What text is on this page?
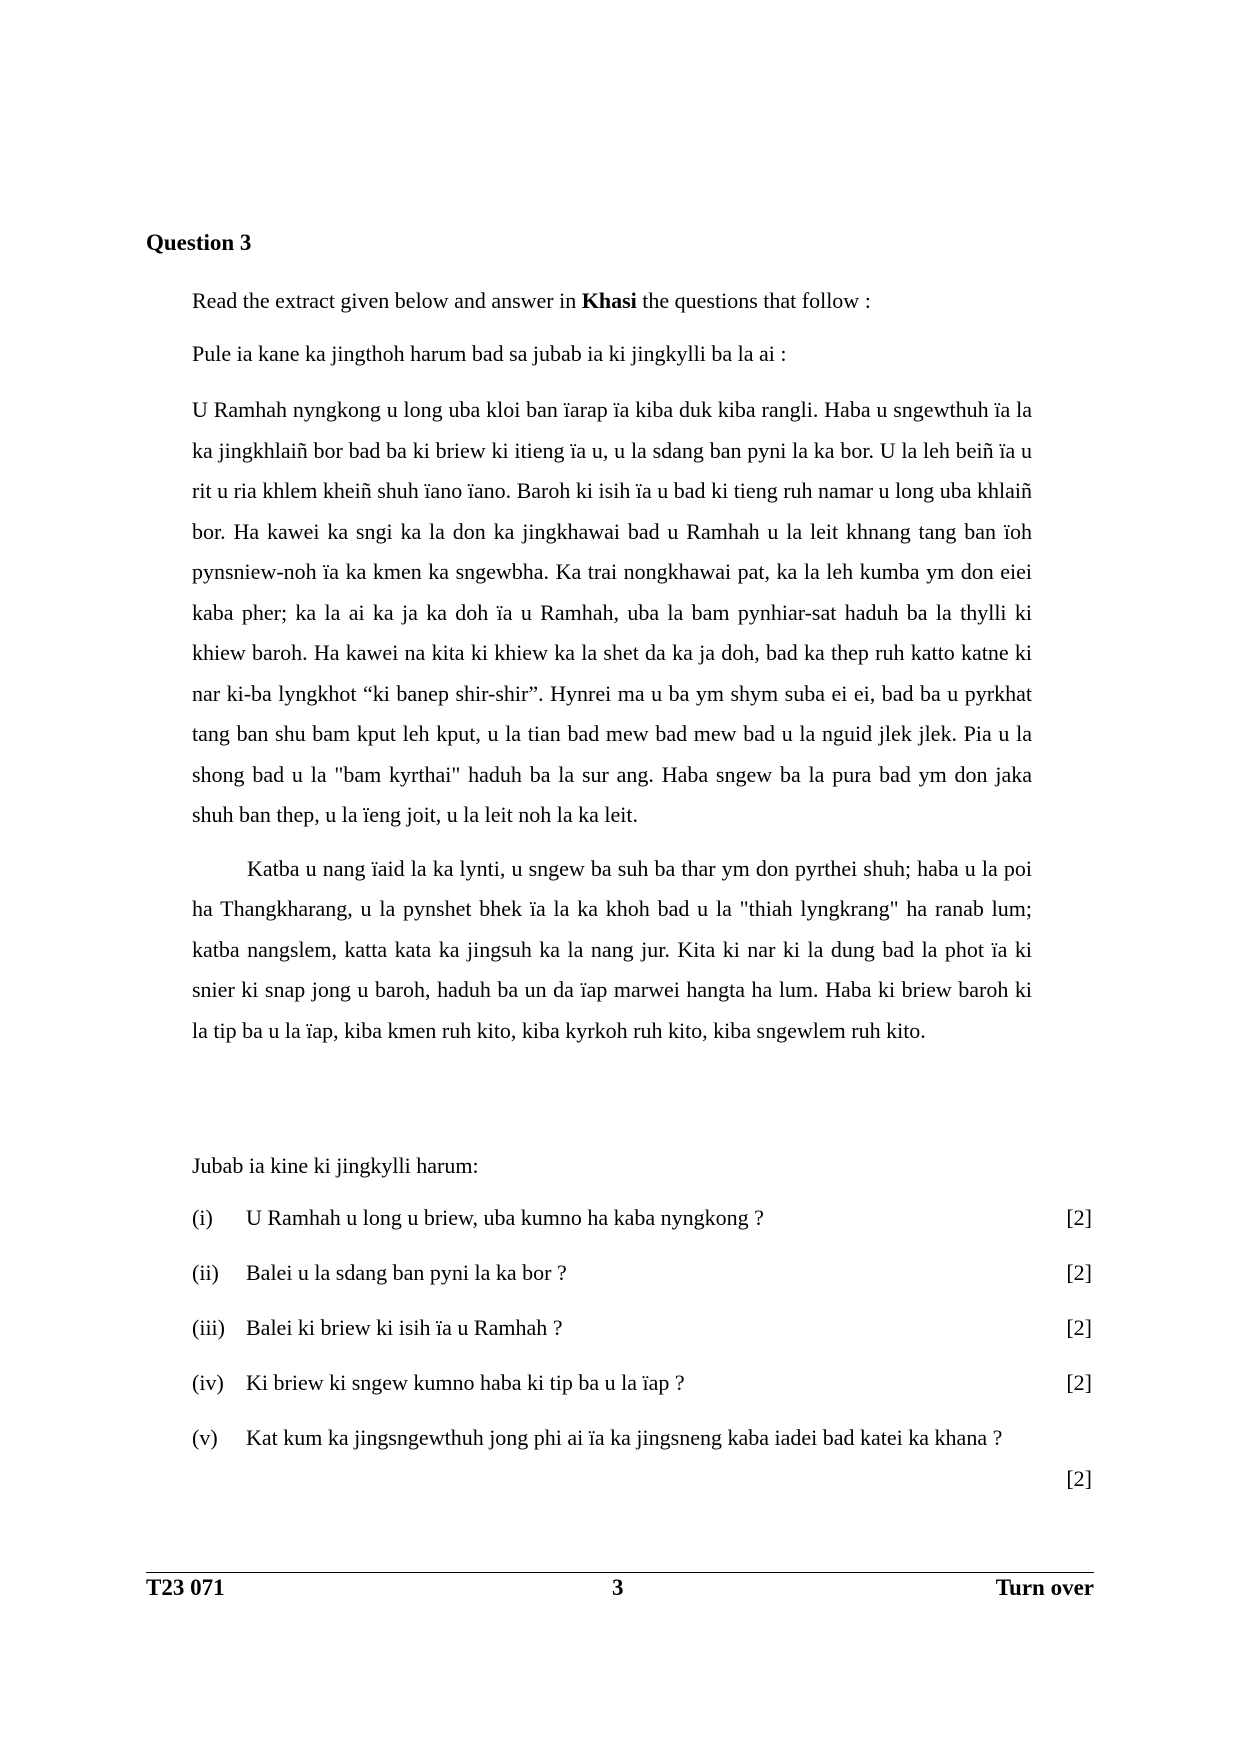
Question 3
Read the extract given below and answer in Khasi the questions that follow :
Pule ia kane ka jingthoh harum bad sa jubab ia ki jingkylli ba la ai :

U Ramhah nyngkong u long uba kloi ban ïarap ïa kiba duk kiba rangli. Haba u sngewthuh ïa la ka jingkhlaiñ bor bad ba ki briew ki itieng ïa u, u la sdang ban pyni la ka bor. U la leh beiñ ïa u rit u ria khlem kheiñ shuh ïano ïano. Baroh ki isih ïa u bad ki tieng ruh namar u long uba khlaiñ bor. Ha kawei ka sngi ka la don ka jingkhawai bad u Ramhah u la leit khnang tang ban ïoh pynsniew-noh ïa ka kmen ka sngewbha. Ka trai nongkhawai pat, ka la leh kumba ym don eiei kaba pher; ka la ai ka ja ka doh ïa u Ramhah, uba la bam pynhiar-sat haduh ba la thylli ki khiew baroh. Ha kawei na kita ki khiew ka la shet da ka ja doh, bad ka thep ruh katto katne ki nar ki-ba lyngkhot “ki banep shir-shir”. Hynrei ma u ba ym shym suba ei ei, bad ba u pyrkhat tang ban shu bam kput leh kput, u la tian bad mew bad mew bad u la nguid jlek jlek. Pia u la shong bad u la "bam kyrthai" haduh ba la sur ang. Haba sngew ba la pura bad ym don jaka shuh ban thep, u la ïeng joit, u la leit noh la ka leit.

Katba u nang ïaid la ka lynti, u sngew ba suh ba thar ym don pyrthei shuh; haba u la poi ha Thangkharang, u la pynshet bhek ïa la ka khoh bad u la "thiah lyngkrang" ha ranab lum; katba nangslem, katta kata ka jingsuh ka la nang jur. Kita ki nar ki la dung bad la phot ïa ki snier ki snap jong u baroh, haduh ba un da ïap marwei hangta ha lum. Haba ki briew baroh ki la tip ba u la ïap, kiba kmen ruh kito, kiba kyrkoh ruh kito, kiba sngewlem ruh kito.

Jubab ia kine ki jingkylli harum:
(i)	U Ramhah u long u briew, uba kumno ha kaba nyngkong ?	[2]
(ii)	Balei u la sdang ban pyni la ka bor ?	[2]
(iii) Balei ki briew ki isih ïa u Ramhah ?	[2]
(iv)	Ki briew ki sngew kumno haba ki tip ba u la ïap ?	[2]
(v)	Kat kum ka jingsngewthuh jong phi ai ïa ka jingsneng kaba iadei bad katei ka khana ?
[2]
T23 071	3	Turn over
